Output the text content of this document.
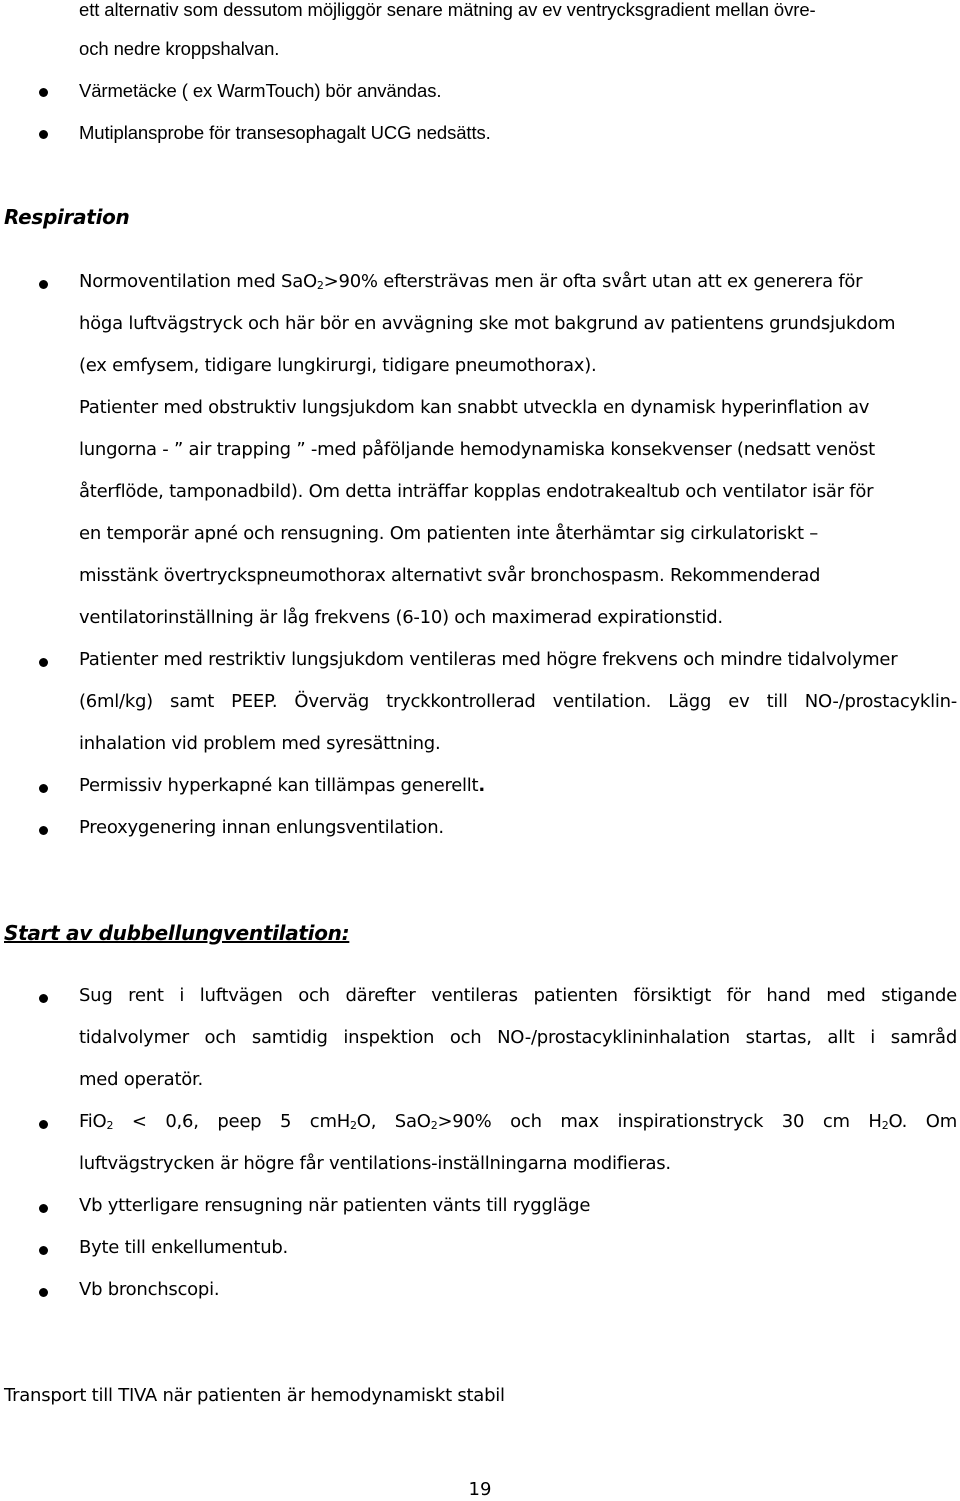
ett alternativ som dessutom möjliggör senare mätning av ev ventrycksgradient mellan övre-
och nedre kroppshalvan.
Värmetäcke ( ex WarmTouch) bör användas.
Mutiplansprobe för transesophagalt UCG nedsätts.
Respiration
Normoventilation med SaO$_2$>90% eftersträvas men är ofta svårt utan att ex generera för
höga luftvägstryck och här bör en avvägning ske mot bakgrund av patientens grundsjukdom
(ex emfysem, tidigare lungkirurgi, tidigare pneumothorax).
Patienter med obstruktiv lungsjukdom kan snabbt utveckla en dynamisk hyperinflation av
lungorna - ” air trapping ” -med påföljande hemodynamiska konsekvenser (nedsatt venöst
återflöde, tamponadbild). Om detta inträffar kopplas endotrakealtub och ventilator isär för
en temporär apné och rensugning. Om patienten inte återhämtar sig cirkulatoriskt –
misstänk övertryckspneumothorax alternativt svår bronchospasm. Rekommenderad
ventilatorinställning är låg frekvens (6-10) och maximerad expirationstid.
Patienter med restriktiv lungsjukdom ventileras med högre frekvens och mindre tidalvolymer
(6ml/kg) samt PEEP. Överväg tryckkontrollerad ventilation. Lägg ev till NO-/prostacyklin-
inhalation vid problem med syresättning.
Permissiv hyperkapné kan tillämpas generellt.
Preoxygenering innan enlungsventilation.
Start av dubbellungventilation:
Sug rent i luftvägen och därefter ventileras patienten försiktigt för hand med stigande
tidalvolymer och samtidig inspektion och NO-/prostacyklininhalation startas, allt i samråd
med operatör.
FiO$_2$ < 0,6, peep 5 cmH$_2$O, SaO$_2$>90% och max inspirationstryck 30 cm $H_2O$. Om
luftvägstrycken är högre får ventilations-inställningarna modifieras.
Vb ytterligare rensugning när patienten vänts till ryggläge
Byte till enkellumentub.
Vb bronchscopi.
Transport till TIVA när patienten är hemodynamiskt stabil
19
